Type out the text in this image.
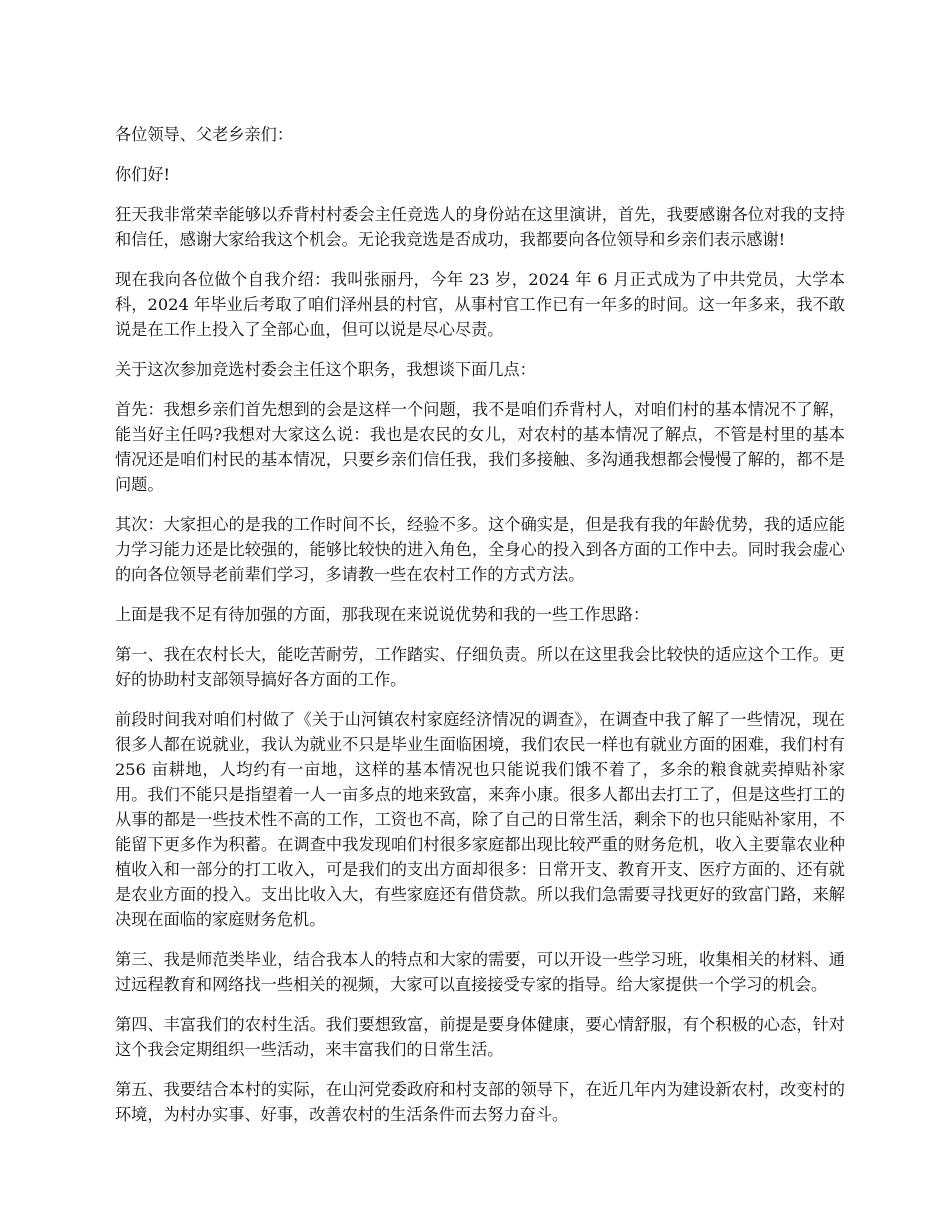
各位领导、父老乡亲们：

你们好!

狂天我非常荣幸能够以乔背村村委会主任竞选人的身份站在这里演讲，首先，我要感谢各位对我的支持和信任，感谢大家给我这个机会。无论我竞选是否成功，我都要向各位领导和乡亲们表示感谢!

现在我向各位做个自我介绍：我叫张丽丹，今年 23 岁，2024 年 6 月正式成为了中共党员，大学本科，2024 年毕业后考取了咱们泽州县的村官，从事村官工作已有一年多的时间。这一年多来，我不敢说是在工作上投入了全部心血，但可以说是尽心尽责。

关于这次参加竞选村委会主任这个职务，我想谈下面几点：

首先：我想乡亲们首先想到的会是这样一个问题，我不是咱们乔背村人，对咱们村的基本情况不了解，能当好主任吗?我想对大家这么说：我也是农民的女儿，对农村的基本情况了解点，不管是村里的基本情况还是咱们村民的基本情况，只要乡亲们信任我，我们多接触、多沟通我想都会慢慢了解的，都不是问题。

其次：大家担心的是我的工作时间不长，经验不多。这个确实是，但是我有我的年龄优势，我的适应能力学习能力还是比较强的，能够比较快的进入角色，全身心的投入到各方面的工作中去。同时我会虚心的向各位领导老前辈们学习，多请教一些在农村工作的方式方法。

上面是我不足有待加强的方面，那我现在来说说优势和我的一些工作思路：

第一、我在农村长大，能吃苦耐劳，工作踏实、仔细负责。所以在这里我会比较快的适应这个工作。更好的协助村支部领导搞好各方面的工作。

前段时间我对咱们村做了《关于山河镇农村家庭经济情况的调查》，在调查中我了解了一些情况，现在很多人都在说就业，我认为就业不只是毕业生面临困境，我们农民一样也有就业方面的困难，我们村有 256 亩耕地，人均约有一亩地，这样的基本情况也只能说我们饿不着了，多余的粮食就卖掉贴补家用。我们不能只是指望着一人一亩多点的地来致富，来奔小康。很多人都出去打工了，但是这些打工的从事的都是一些技术性不高的工作，工资也不高，除了自己的日常生活，剩余下的也只能贴补家用，不能留下更多作为积蓄。在调查中我发现咱们村很多家庭都出现比较严重的财务危机，收入主要靠农业种植收入和一部分的打工收入，可是我们的支出方面却很多：日常开支、教育开支、医疗方面的、还有就是农业方面的投入。支出比收入大，有些家庭还有借贷款。所以我们急需要寻找更好的致富门路，来解决现在面临的家庭财务危机。

第三、我是师范类毕业，结合我本人的特点和大家的需要，可以开设一些学习班，收集相关的材料、通过远程教育和网络找一些相关的视频，大家可以直接接受专家的指导。给大家提供一个学习的机会。

第四、丰富我们的农村生活。我们要想致富，前提是要身体健康，要心情舒服，有个积极的心态，针对这个我会定期组织一些活动，来丰富我们的日常生活。

第五、我要结合本村的实际，在山河党委政府和村支部的领导下，在近几年内为建设新农村，改变村的环境，为村办实事、好事，改善农村的生活条件而去努力奋斗。
